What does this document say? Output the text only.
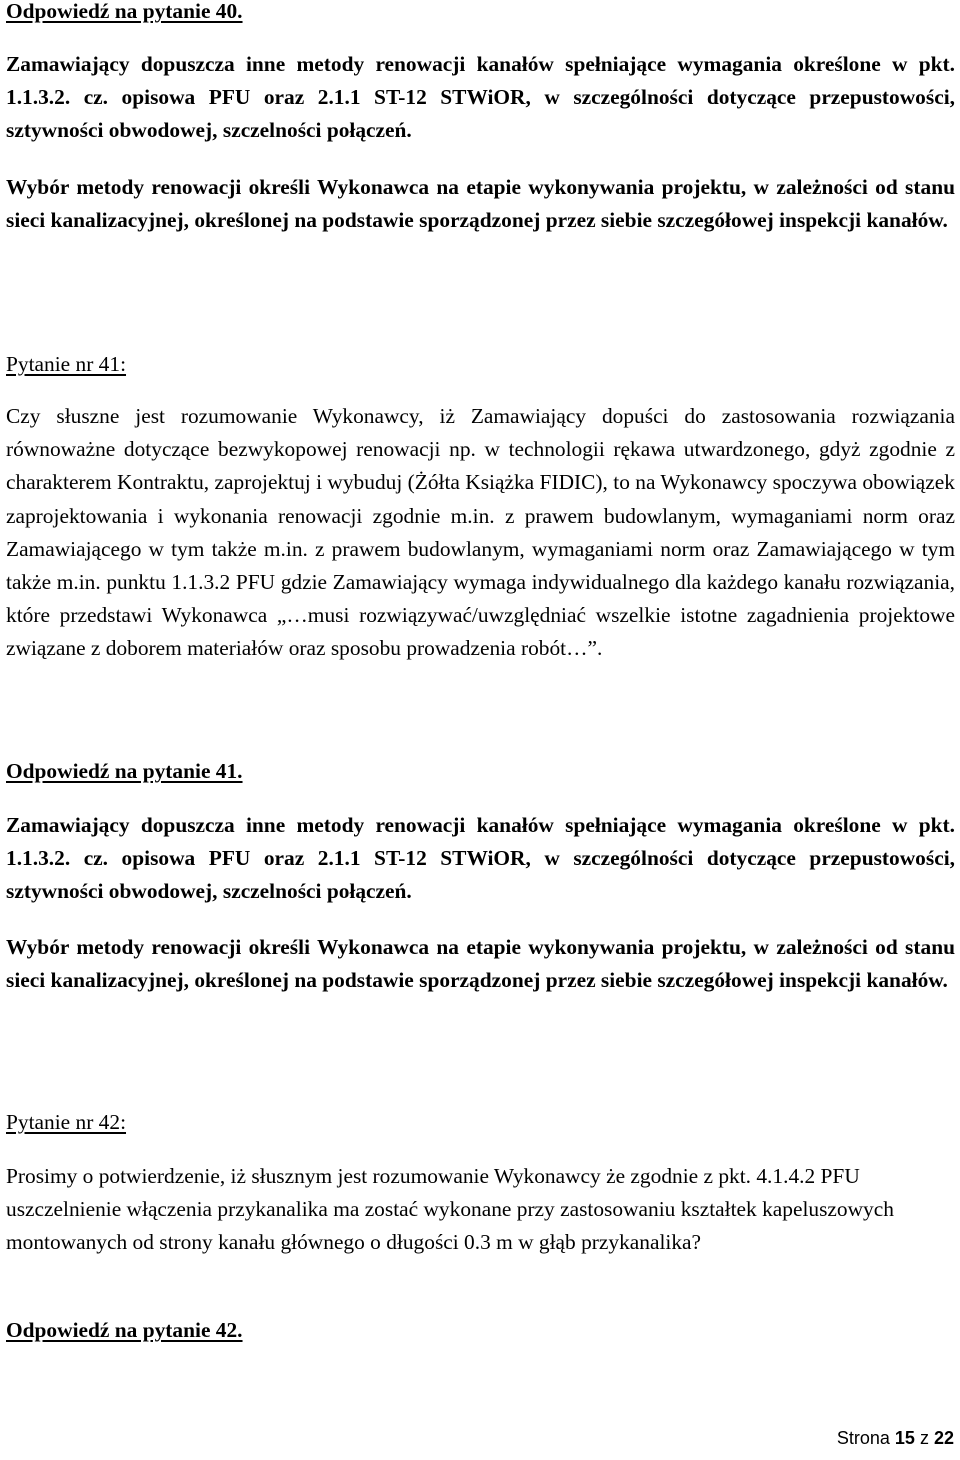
Odpowiedź na pytanie 40.

Zamawiający dopuszcza inne metody renowacji kanałów spełniające wymagania określone w pkt. 1.1.3.2. cz. opisowa PFU oraz 2.1.1 ST-12 STWiOR, w szczególności dotyczące przepustowości, sztywności obwodowej, szczelności połączeń.

Wybór metody renowacji określi Wykonawca na etapie wykonywania projektu, w zależności od stanu sieci kanalizacyjnej, określonej na podstawie sporządzonej przez siebie szczegółowej inspekcji kanałów.

Pytanie nr 41:

Czy słuszne jest rozumowanie Wykonawcy, iż Zamawiający dopuści do zastosowania rozwiązania równoważne dotyczące bezwykopowej renowacji np. w technologii rękawa utwardzonego, gdyż zgodnie z charakterem Kontraktu, zaprojektuj i wybuduj (Żółta Książka FIDIC), to na Wykonawcy spoczywa obowiązek zaprojektowania i wykonania renowacji zgodnie m.in. z prawem budowlanym, wymaganiami norm oraz Zamawiającego w tym także m.in. z prawem budowlanym, wymaganiami norm oraz Zamawiającego w tym także m.in. punktu 1.1.3.2 PFU gdzie Zamawiający wymaga indywidualnego dla każdego kanału rozwiązania, które przedstawi Wykonawca „…musi rozwiązywać/uwzględniać wszelkie istotne zagadnienia projektowe związane z doborem materiałów oraz sposobu prowadzenia robót…”.

Odpowiedź na pytanie 41.

Zamawiający dopuszcza inne metody renowacji kanałów spełniające wymagania określone w pkt. 1.1.3.2. cz. opisowa PFU oraz 2.1.1 ST-12 STWiOR, w szczególności dotyczące przepustowości, sztywności obwodowej, szczelności połączeń.

Wybór metody renowacji określi Wykonawca na etapie wykonywania projektu, w zależności od stanu sieci kanalizacyjnej, określonej na podstawie sporządzonej przez siebie szczegółowej inspekcji kanałów.

Pytanie nr 42:

Prosimy o potwierdzenie, iż słusznym jest rozumowanie Wykonawcy że zgodnie z pkt. 4.1.4.2 PFU uszczelnienie włączenia przykanalika ma zostać wykonane przy zastosowaniu kształtek kapeluszowych montowanych od strony kanału głównego o długości 0.3 m w głąb przykanalika?

Odpowiedź na pytanie 42.

Strona 15 z 22
